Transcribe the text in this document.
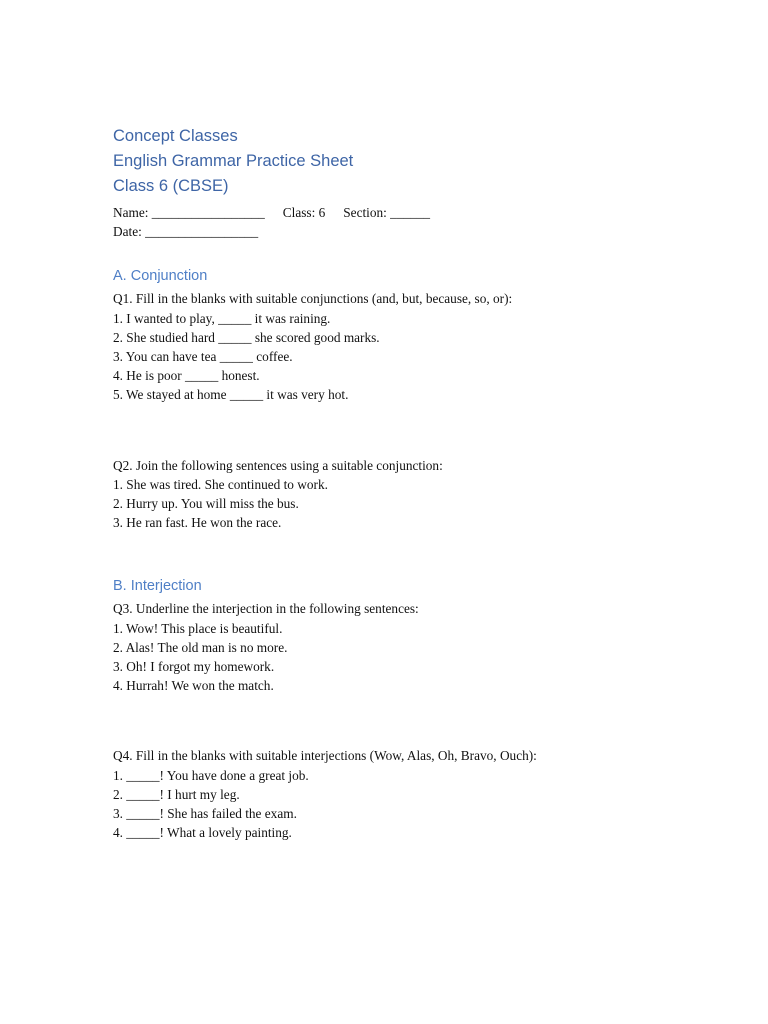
Concept Classes

English Grammar Practice Sheet

Class 6 (CBSE)

Name: _________________ Class: 6 Section: ______

Date: _________________

A. Conjunction

Q1. Fill in the blanks with suitable conjunctions (and, but, because, so, or):

1. I wanted to play, _____ it was raining.

2. She studied hard _____ she scored good marks.

3. You can have tea _____ coffee.

4. He is poor _____ honest.

5. We stayed at home _____ it was very hot.

Q2. Join the following sentences using a suitable conjunction:

1. She was tired. She continued to work.

2. Hurry up. You will miss the bus.

3. He ran fast. He won the race.

B. Interjection

Q3. Underline the interjection in the following sentences:

1. Wow! This place is beautiful.

2. Alas! The old man is no more.

3. Oh! I forgot my homework.

4. Hurrah! We won the match.

Q4. Fill in the blanks with suitable interjections (Wow, Alas, Oh, Bravo, Ouch):

1. _____! You have done a great job.

2. _____! I hurt my leg.

3. _____! She has failed the exam.

4. _____! What a lovely painting.
